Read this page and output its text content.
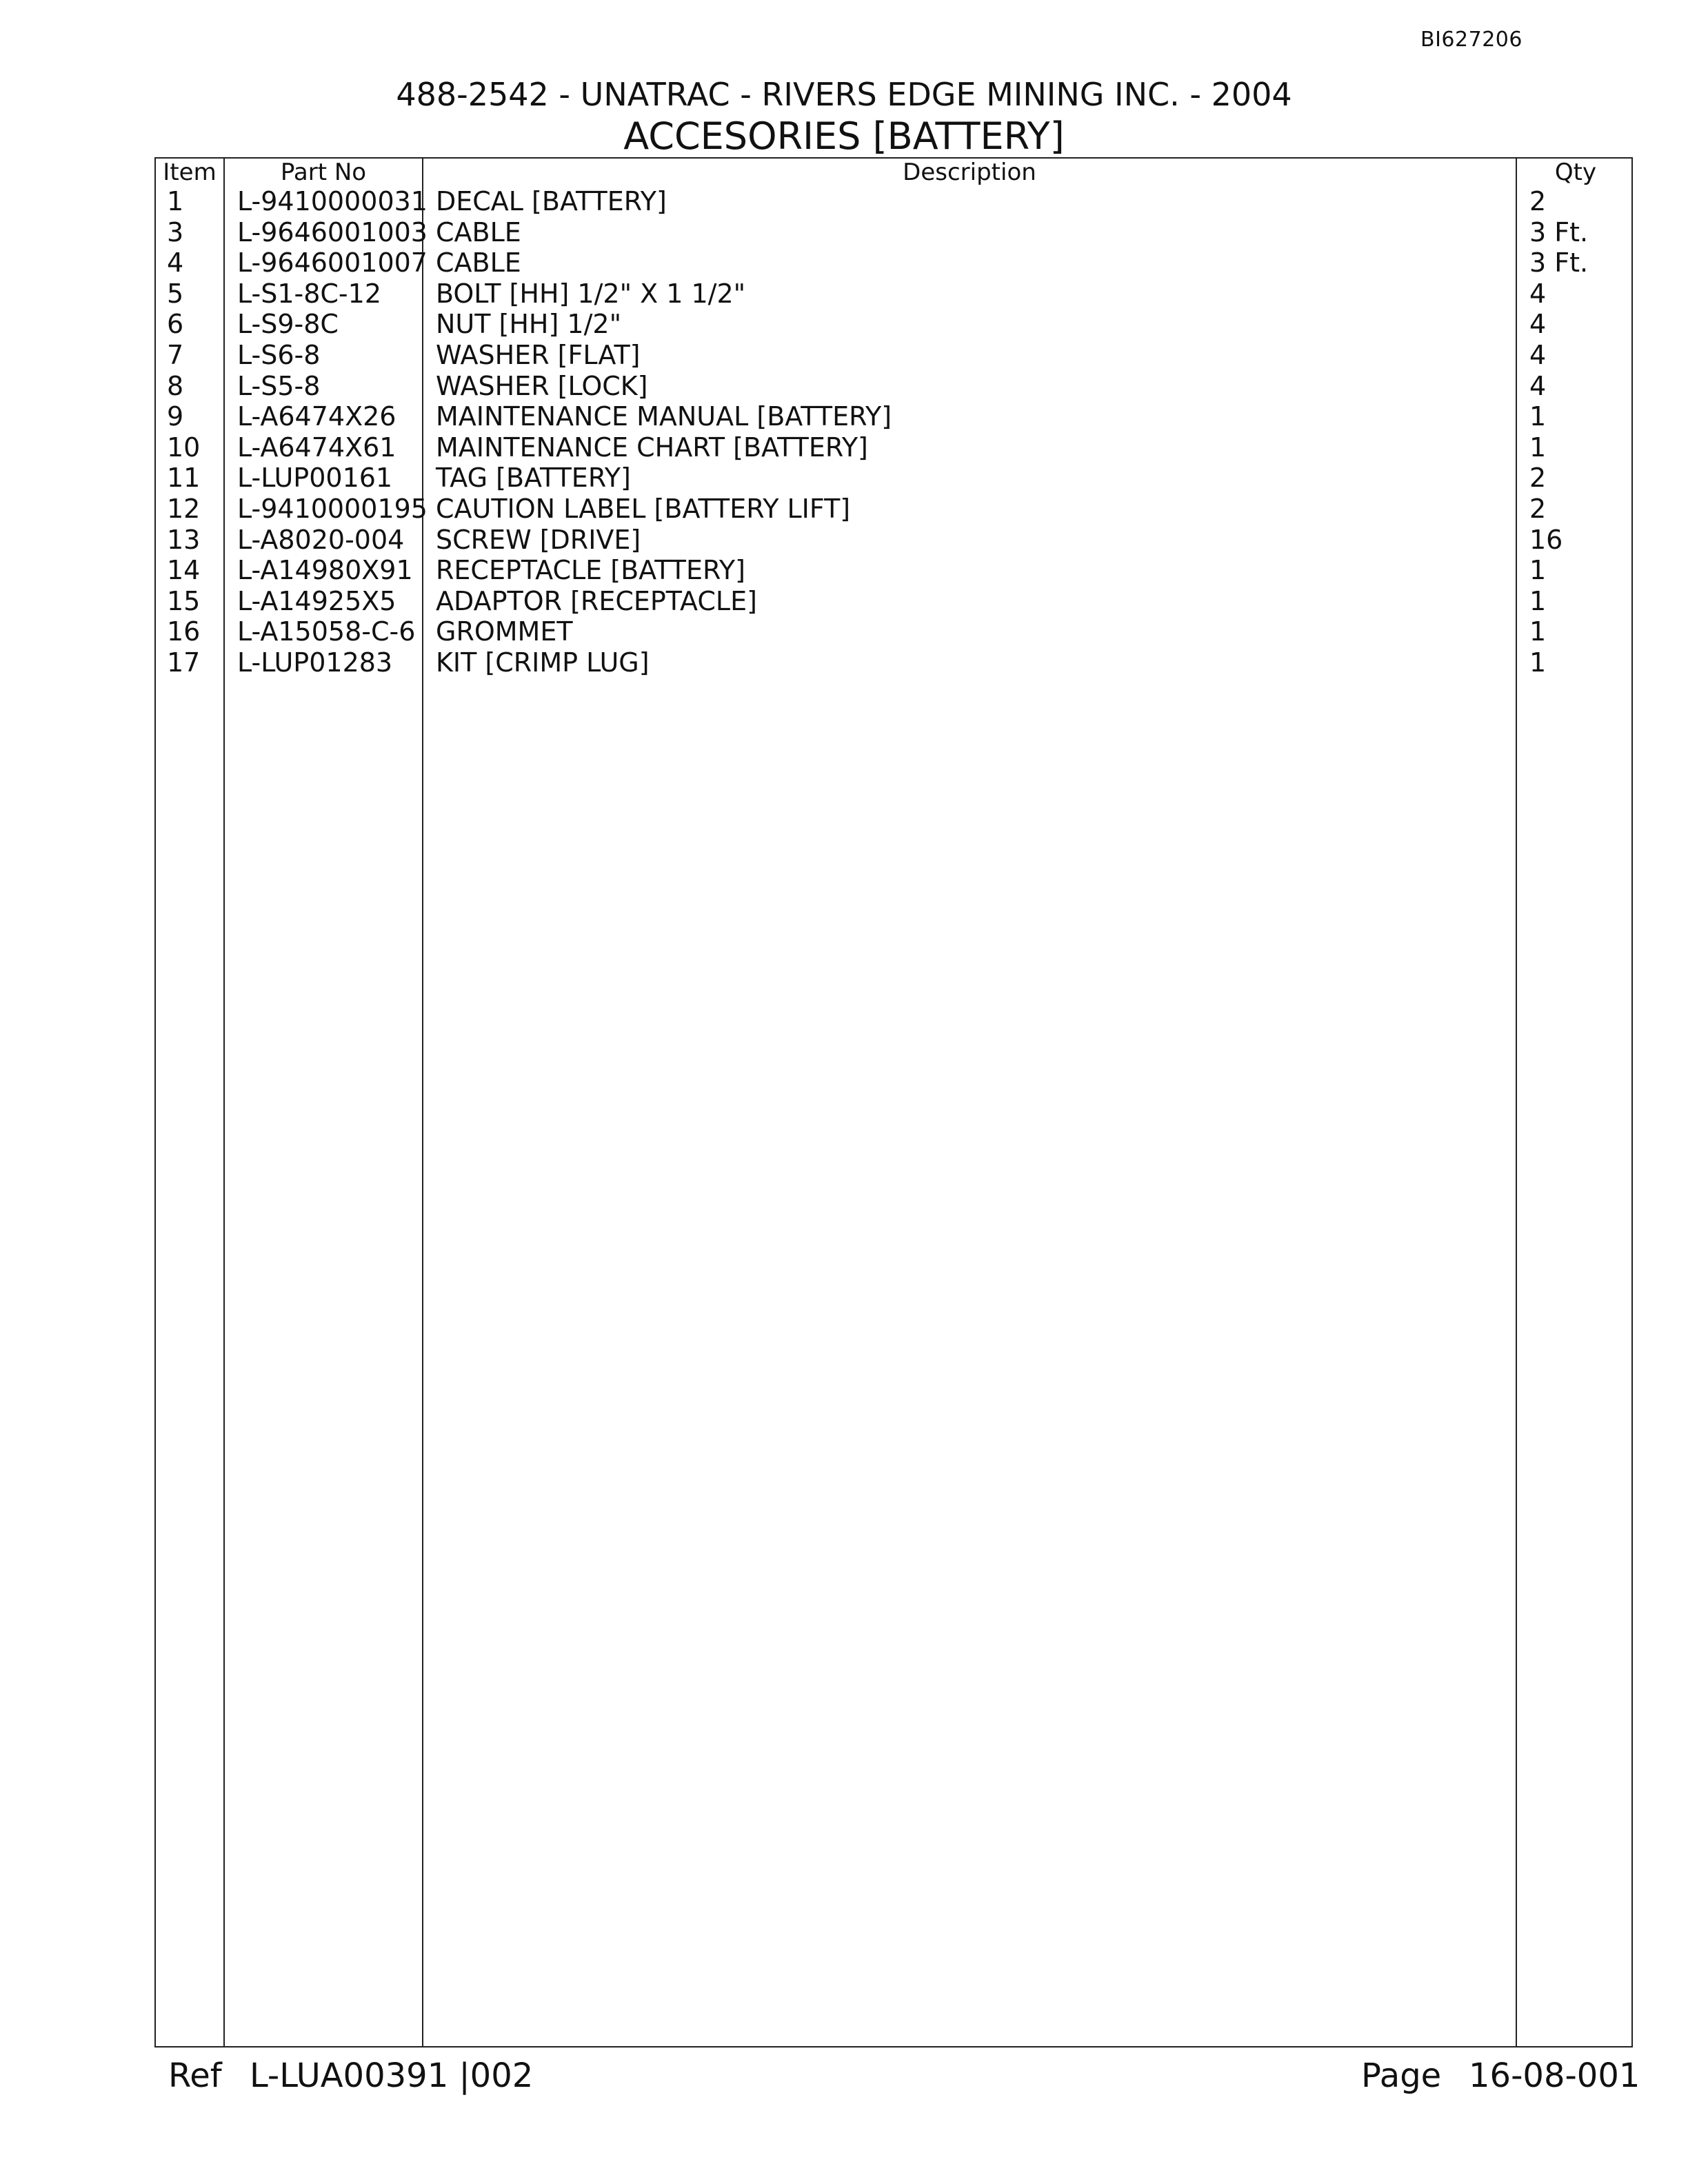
BI627206
488-2542 - UNATRAC - RIVERS EDGE MINING INC. - 2004
ACCESORIES [BATTERY]
Item	Part No	Description	Qty
1 L-9410000031 DECAL [BATTERY]	2
3 L-9646001003 CABLE	3 Ft.
4 L-9646001007 CABLE	3 Ft.
5 L-S1-8C-12 BOLT [HH] 1/2" X 1 1/2"	4
6 L-S9-8C	NUT [HH] 1/2"	4
7 L-S6-8	WASHER [FLAT]	4
8 L-S5-8	WASHER [LOCK]	4
9 L-A6474X26 MAINTENANCE MANUAL [BATTERY]	1
10 L-A6474X61 MAINTENANCE CHART [BATTERY]	1
11 L-LUP00161 TAG [BATTERY]	2
12 L-9410000195 CAUTION LABEL [BATTERY LIFT]	2
13 L-A8020-004 SCREW [DRIVE]	16
14 L-A14980X91 RECEPTACLE [BATTERY]	1
15 L-A14925X5 ADAPTOR [RECEPTACLE]	1
16 L-A15058-C-6 GROMMET	1
17 L-LUP01283 KIT [CRIMP LUG]	1
Ref L-LUA00391 |002	Page 16-08-001
